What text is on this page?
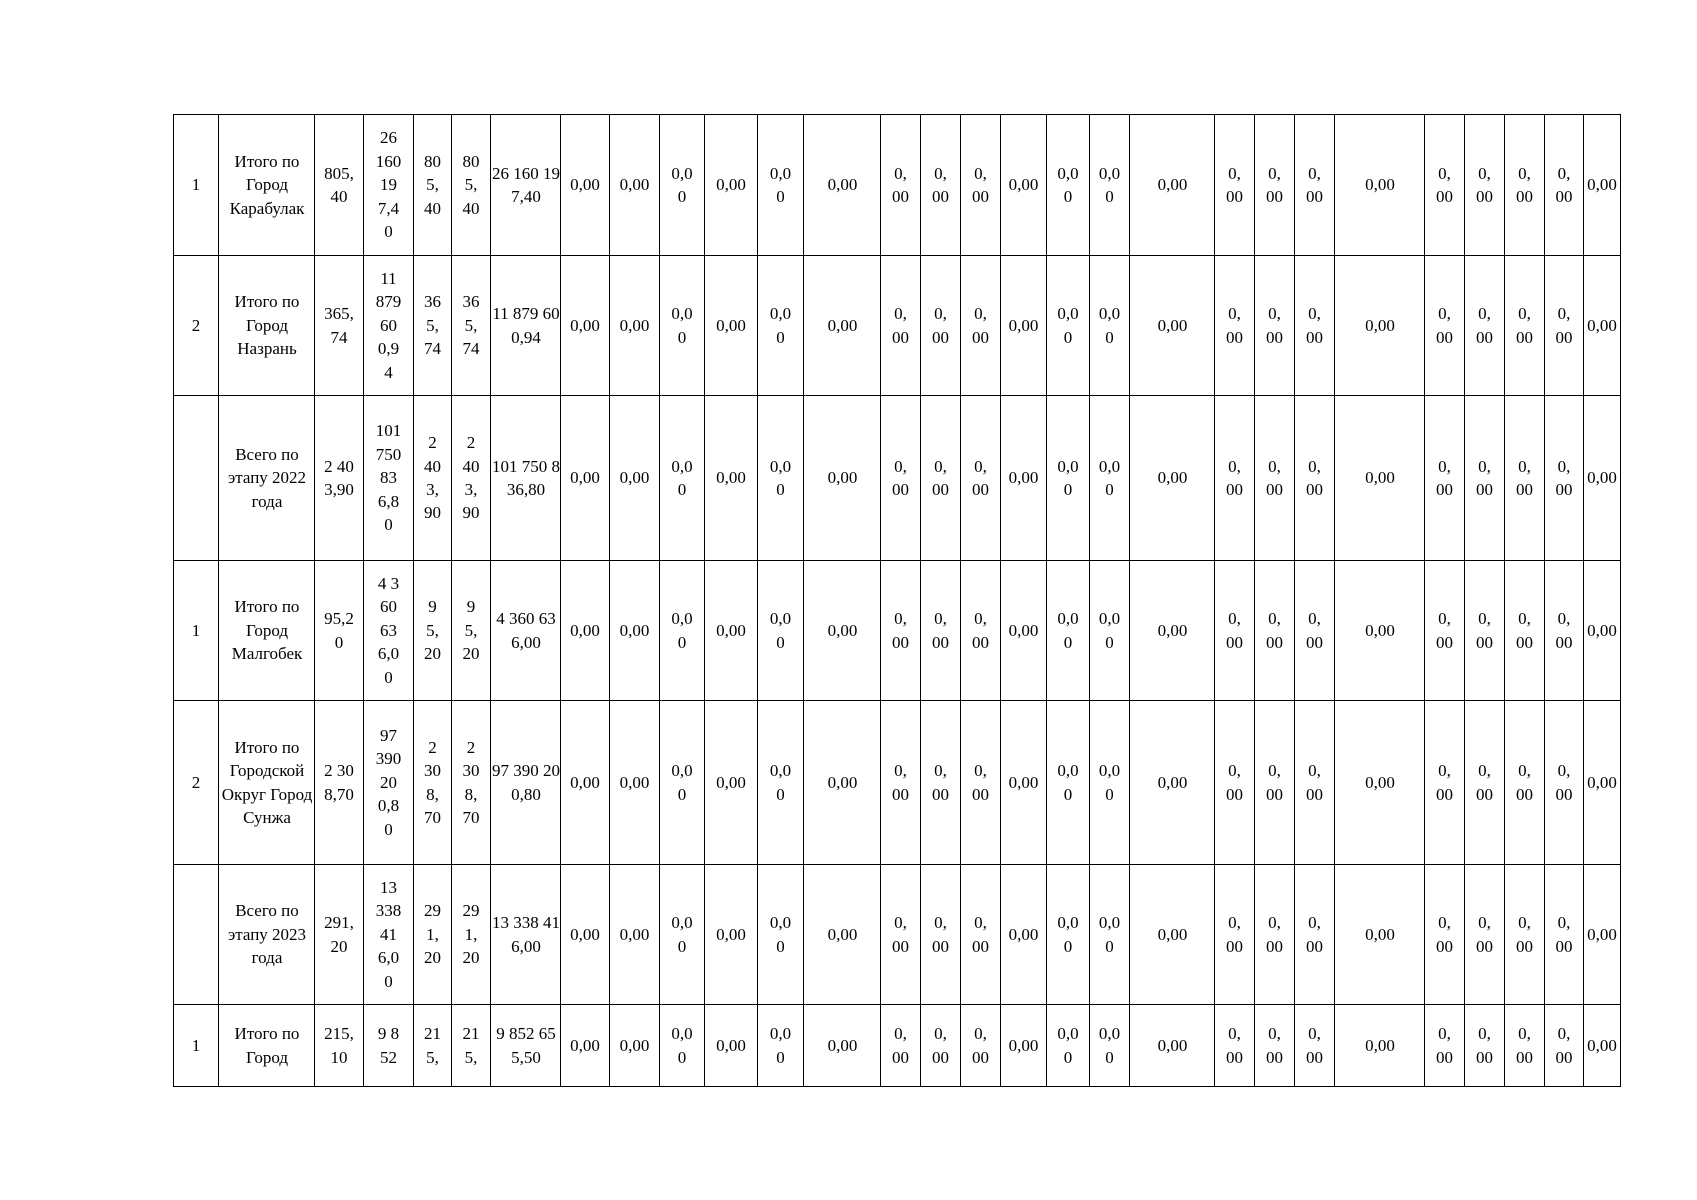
1	Итого по Город Карабулак	805,40	26 160 197,40	805,40	805,40	26 160 197,40	0,00	0,00	0,00	0,00	0,00	0,00	0,00	0,00	0,00	0,00	0,00	0,00	0,00	0,00	0,00	0,00	0,00	0,00	0,00	0,00	0,00	0,00

2	Итого по Город Назрань	365,74	11 879 600,94	365,74	365,74	11 879 600,94	0,00	0,00	0,00	0,00	0,00	0,00	0,00	0,00	0,00	0,00	0,00	0,00	0,00	0,00	0,00	0,00	0,00	0,00	0,00	0,00	0,00	0,00

	Всего по этапу 2022 года	2 403,90	101 750 836,80	2 403,90	2 403,90	101 750 836,80	0,00	0,00	0,00	0,00	0,00	0,00	0,00	0,00	0,00	0,00	0,00	0,00	0,00	0,00	0,00	0,00	0,00	0,00	0,00	0,00	0,00	0,00

1	Итого по Город Малгобек	95,20	4 360 636,00	95,20	95,20	4 360 636,00	0,00	0,00	0,00	0,00	0,00	0,00	0,00	0,00	0,00	0,00	0,00	0,00	0,00	0,00	0,00	0,00	0,00	0,00	0,00	0,00	0,00	0,00

2	Итого по Городской Округ Город Сунжа	2 308,70	97 390 200,80	2 308,70	2 308,70	97 390 200,80	0,00	0,00	0,00	0,00	0,00	0,00	0,00	0,00	0,00	0,00	0,00	0,00	0,00	0,00	0,00	0,00	0,00	0,00	0,00	0,00	0,00	0,00

	Всего по этапу 2023 года	291,20	13 338 416,00	291,20	291,20	13 338 416,00	0,00	0,00	0,00	0,00	0,00	0,00	0,00	0,00	0,00	0,00	0,00	0,00	0,00	0,00	0,00	0,00	0,00	0,00	0,00	0,00	0,00	0,00

1	Итого по Город	215,10	9 852	215,	215,	9 852 655,50	0,00	0,00	0,00	0,00	0,00	0,00	0,00	0,00	0,00	0,00	0,00	0,00	0,00	0,00	0,00	0,00	0,00	0,00	0,00	0,00	0,00	0,00
